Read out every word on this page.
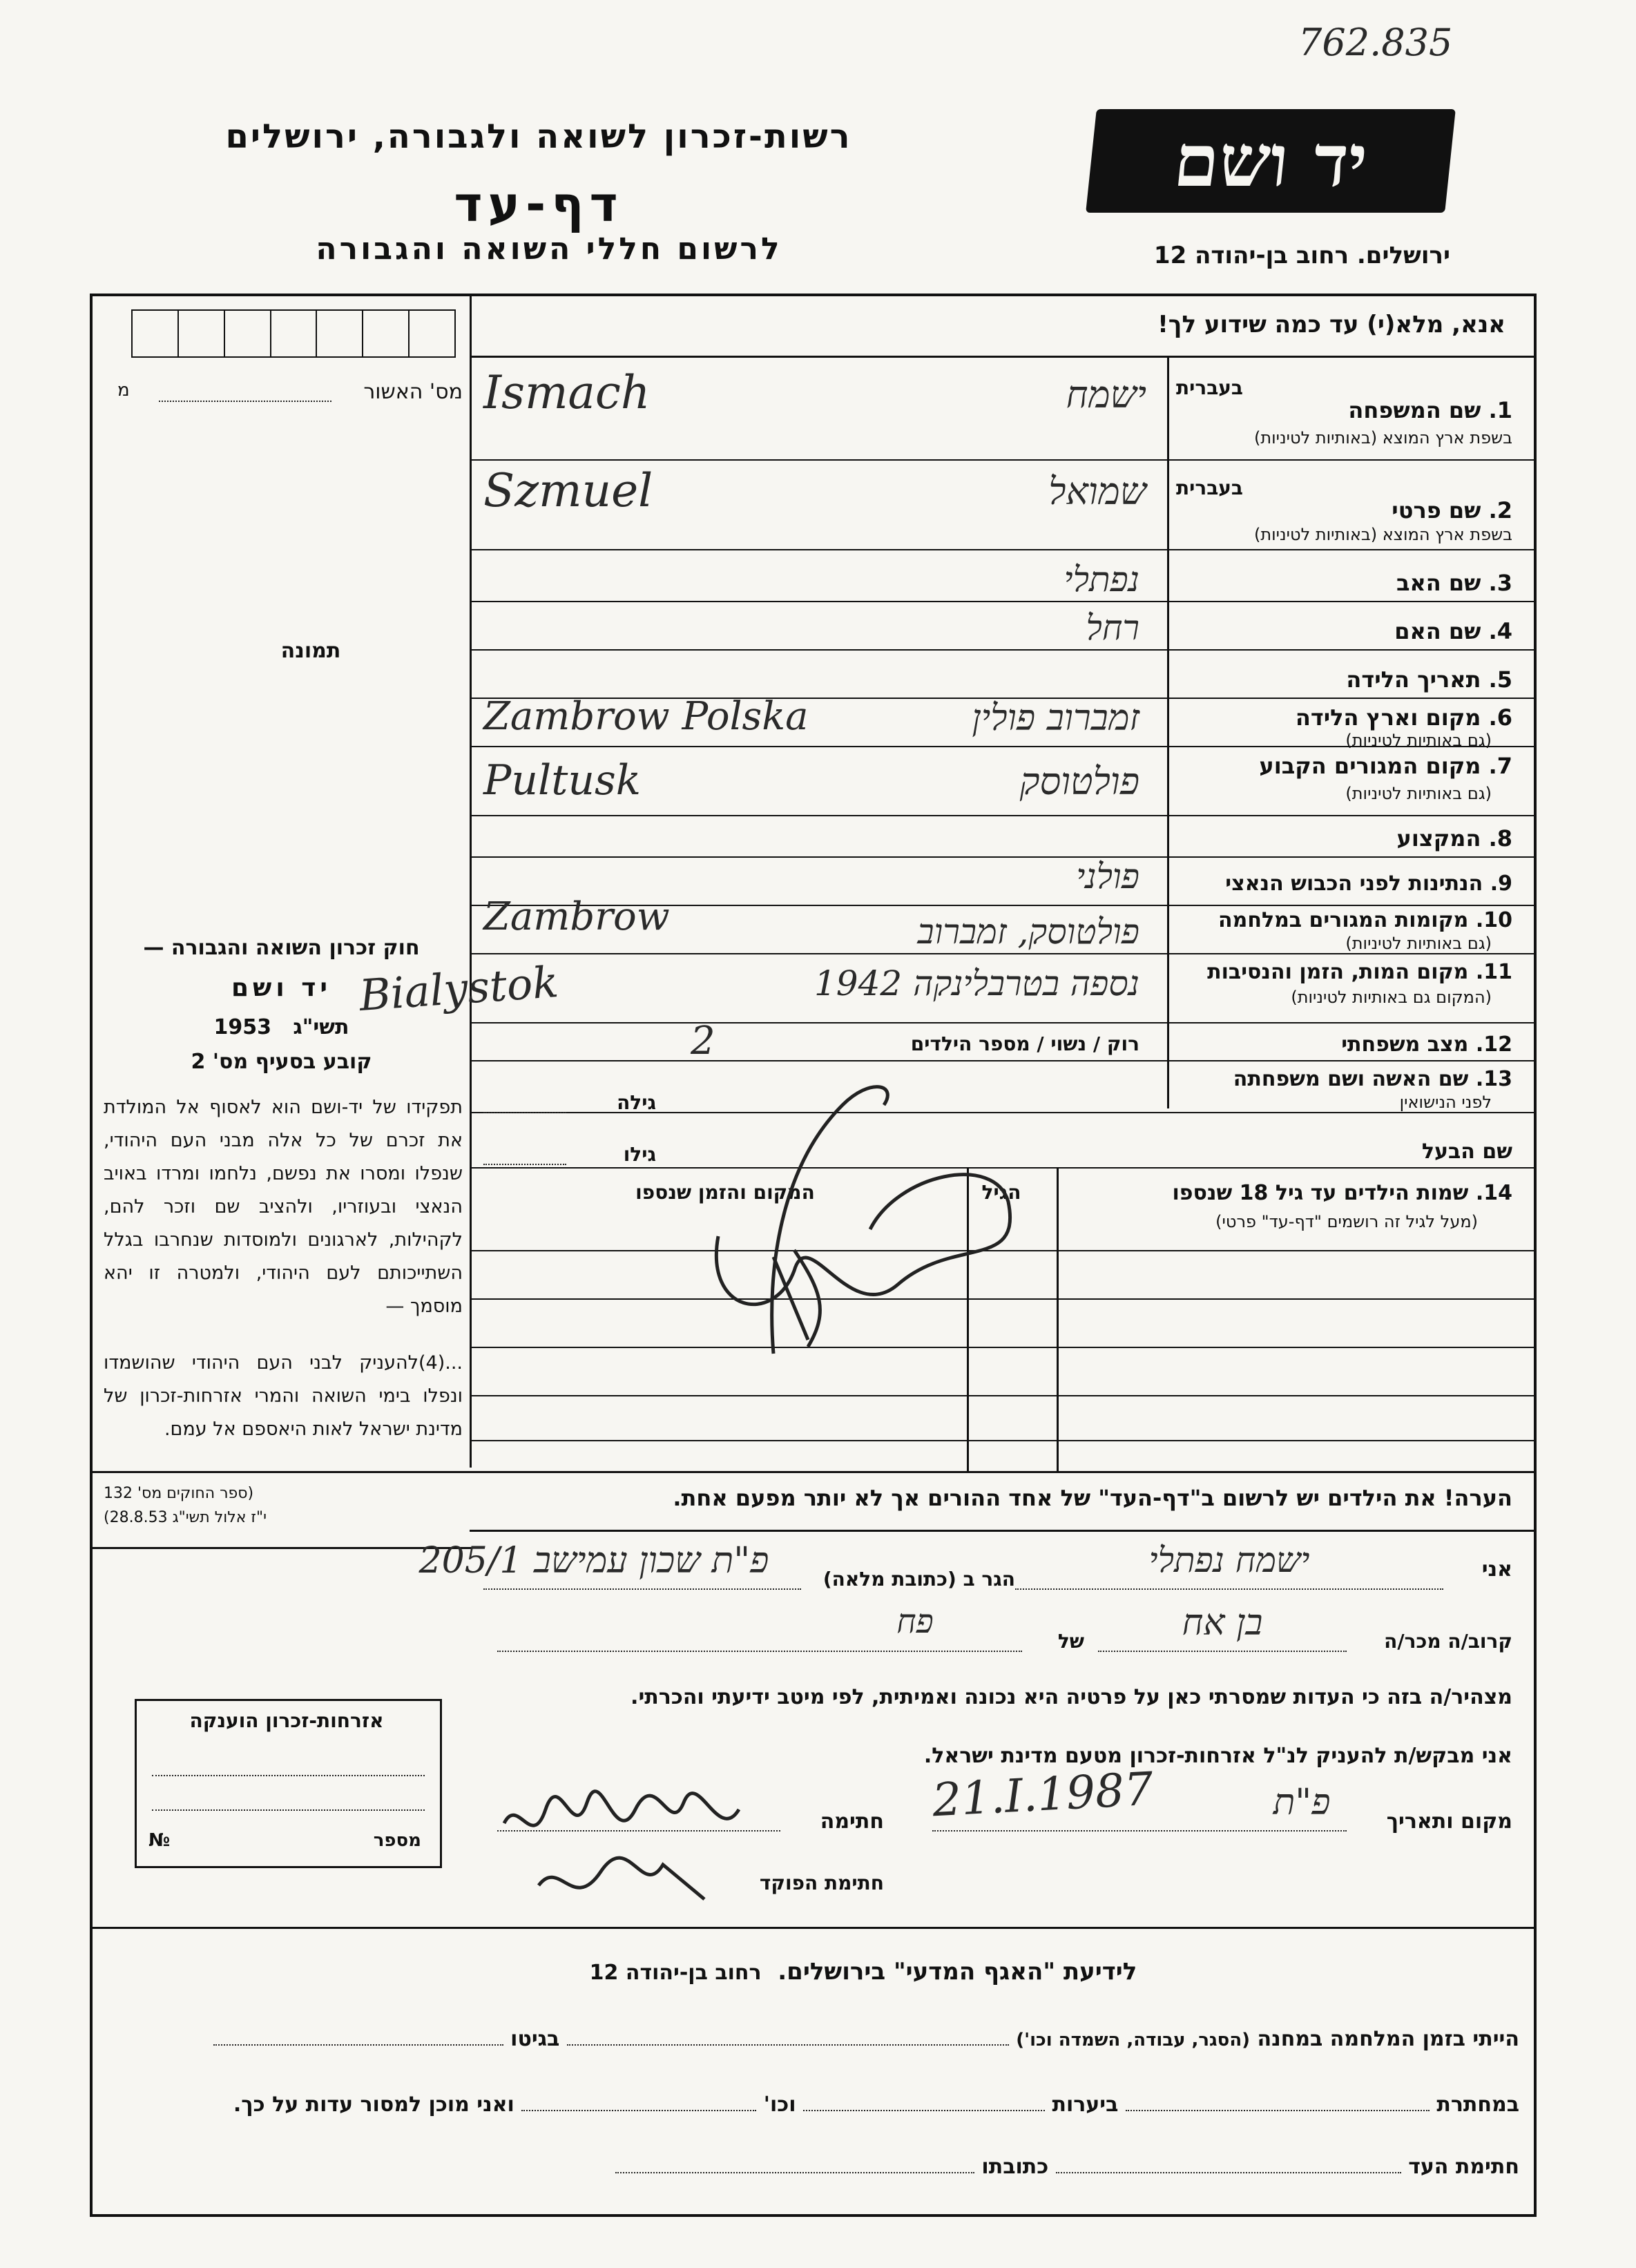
762.835
רשות-זכרון לשואה ולגבורה, ירושלים
דף-עד
לרשום חללי השואה והגבורה
יד ושם
ירושלים. רחוב בן-יהודה 12
אנא, מלא(י) עד כמה שידוע לך!
מס' האשור
מ
תמונה
בעברית
1. שם המשפחה
בשפת ארץ המוצא (באותיות לטיניות)
ישמח
Ismach
בעברית
2. שם פרטי
בשפת ארץ המוצא (באותיות לטיניות)
שמואל
Szmuel
3. שם האב
נפתלי
4. שם האם
רחל
5. תאריך הלידה
6. מקום וארץ הלידה
(גם באותיות לטיניות)
זמברוב פולין
Zambrow Polska
7. מקום המגורים הקבוע
(גם באותיות לטיניות)
פולטוסק
Pultusk
8. המקצוע
9. הנתינות לפני הכבוש הנאצי
פולני
10. מקומות המגורים במלחמה
(גם באותיות לטיניות)
פולטוסק, זמברוב
Zambrow
11. מקום המות, הזמן והנסיבות
(המקום גם באותיות לטיניות)
נספה בטרבלינקה 1942
Bialystok
12. מצב משפחתי
רוק / נשוי / מספר הילדים
2
13. שם האשה ושם משפחתה
לפני הנישואין
גילה
שם הבעל
גילו
14. שמות הילדים עד גיל 18 שנספו
(מעל לגיל זה רושמים "דף-עד" פרטי)
הגיל
המקום והזמן שנספו
הערה! את הילדים יש לרשום ב"דף-העד" של אחד ההורים אך לא יותר מפעם אחת.
חוק זכרון השואה והגבורה —
יד ושם
1953 תשי"ג
קובע בסעיף מס' 2
תפקידו של יד-ושם הוא לאסוף אל המולדת את זכרם של כל אלה מבני העם היהודי, שנפלו ומסרו את נפשם, נלחמו ומרדו באויב הנאצי ובעוזריו, ולהציב שם וזכר להם, לקהילות, לארגונים ולמוסדות שנחרבו בגלל השתייכותם לעם היהודי, ולמטרה זו יהא מוסמך —
...(4)להעניק לבני העם היהודי שהושמדו ונפלו בימי השואה והמרי אזרחות-זכרון של מדינת ישראל לאות היאספם אל עמם.
(ספר החוקים מס' 132
י"ז אלול תשי"ג 28.8.53)
אני
ישמח נפתלי
הגר ב (כתובת מלאה)
פ"ת שכון עמישב 205/1
קרוב/ה מכר/ה
בן אח
של
פח
מצהיר/ה בזה כי העדות שמסרתי כאן על פרטיה היא נכונה ואמיתית, לפי מיטב ידיעתי והכרתי.
אני מבקש/ת להעניק לנ"ל אזרחות-זכרון מטעם מדינת ישראל.
מקום ותאריך
פ"ת
21.I.1987
חתימה
חתימת הפוקד
אזרחות-זכרון הוענקה
מספר
№
לידיעת "האגף המדעי" בירושלים.  רחוב בן-יהודה 12
הייתי בזמן המלחמה במחנה (הסגר, עבודה, השמדה וכו')  בגיטו
במחתרת  ביערות  וכו'  ואני מוכן למסור עדות על כך.
חתימת העד  כתובתו
